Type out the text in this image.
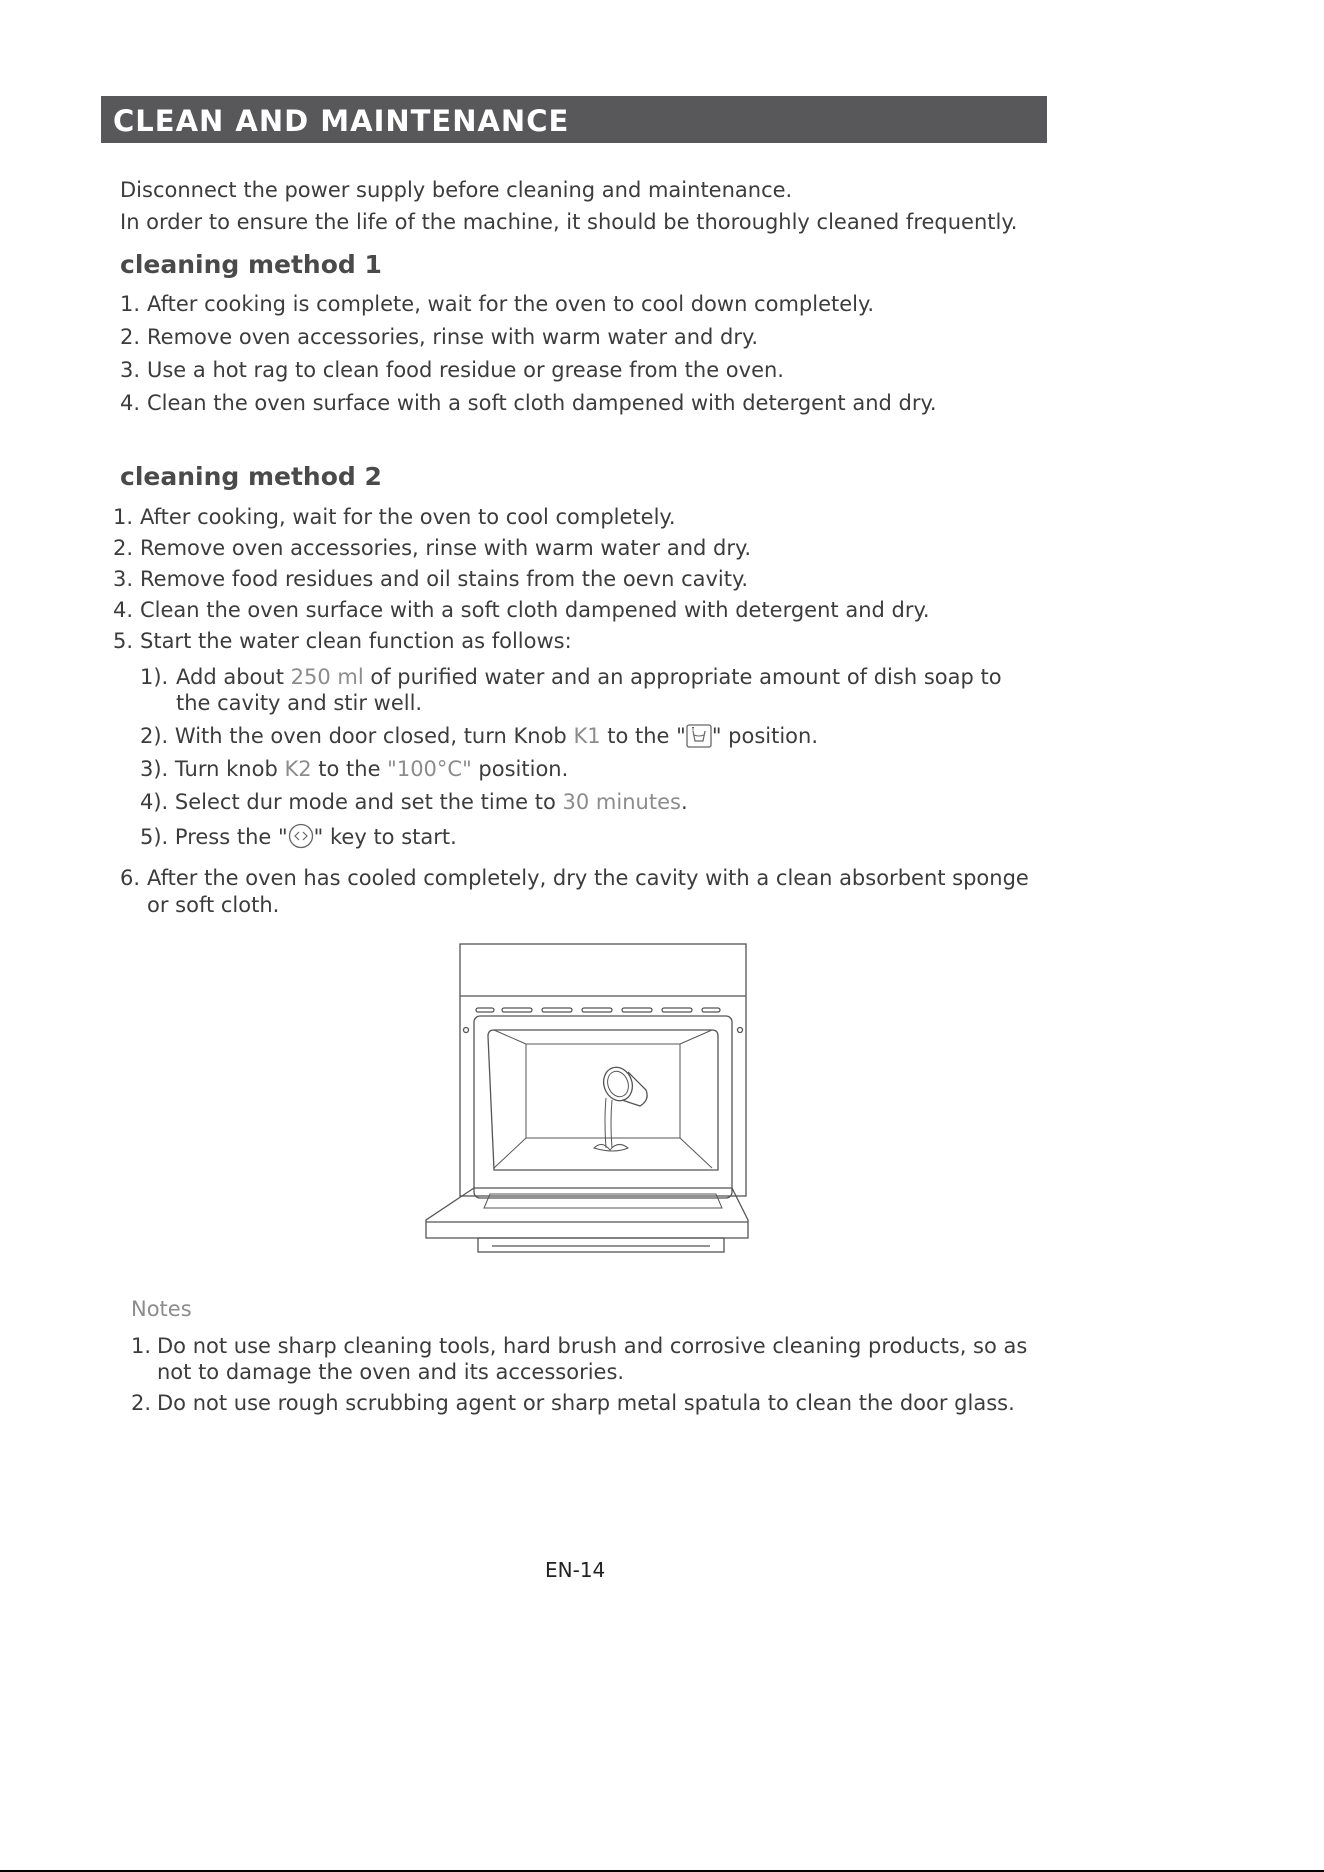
CLEAN AND MAINTENANCE
Disconnect the power supply before cleaning and maintenance.
In order to ensure the life of the machine, it should be thoroughly cleaned frequently.
cleaning method 1
1. After cooking is complete, wait for the oven to cool down completely.
2. Remove oven accessories, rinse with warm water and dry.
3. Use a hot rag to clean food residue or grease from the oven.
4. Clean the oven surface with a soft cloth dampened with detergent and dry.
cleaning method 2
1. After cooking, wait for the oven to cool completely.
2. Remove oven accessories, rinse with warm water and dry.
3. Remove food residues and oil stains from the oevn cavity.
4. Clean the oven surface with a soft cloth dampened with detergent and dry.
5. Start the water clean function as follows:
1). Add about 250 ml of purified water and an appropriate amount of dish soap to
the cavity and stir well.
2). With the oven door closed, turn Knob K1 to the " " position.
3). Turn knob K2 to the "100°C" position.
4). Select dur mode and set the time to 30 minutes.
5). Press the " " key to start.
6. After the oven has cooled completely, dry the cavity with a clean absorbent sponge
or soft cloth.
Notes
1. Do not use sharp cleaning tools, hard brush and corrosive cleaning products, so as
not to damage the oven and its accessories.
2. Do not use rough scrubbing agent or sharp metal spatula to clean the door glass.
EN-14
